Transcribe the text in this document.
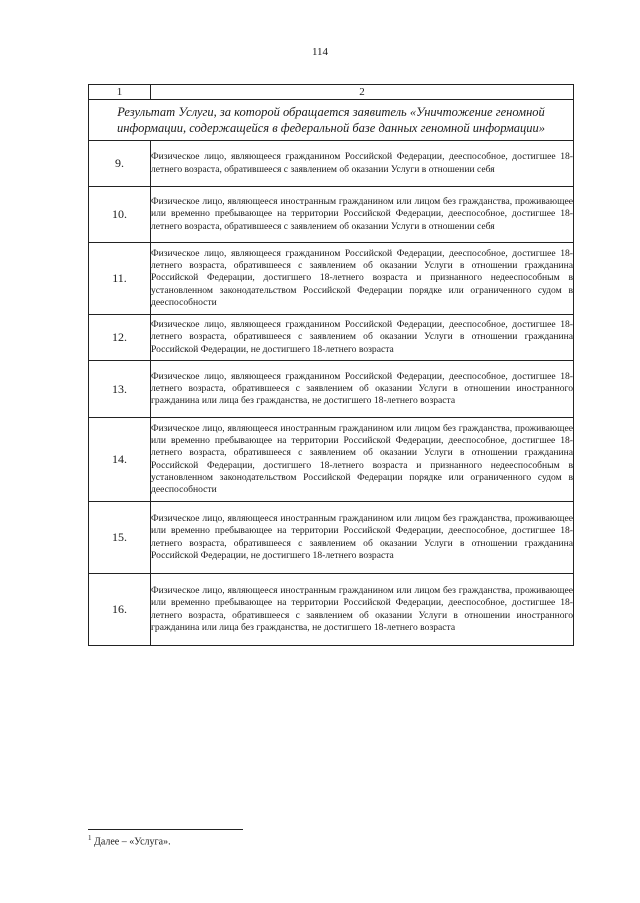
114
1	2
Результат Услуги, за которой обращается заявитель «Уничтожение геномной информации, содержащейся в федеральной базе данных геномной информации»	
9.	Физическое лицо, являющееся гражданином Российской Федерации, дееспособное, достигшее 18-летнего возраста, обратившееся с заявлением об оказании Услуги в отношении себя
10.	Физическое лицо, являющееся иностранным гражданином или лицом без гражданства, проживающее или временно пребывающее на территории Российской Федерации, дееспособное, достигшее 18-летнего возраста, обратившееся с заявлением об оказании Услуги в отношении себя
11.	Физическое лицо, являющееся гражданином Российской Федерации, дееспособное, достигшее 18-летнего возраста, обратившееся с заявлением об оказании Услуги в отношении гражданина Российской Федерации, достигшего 18-летнего возраста и признанного недееспособным в установленном законодательством Российской Федерации порядке или ограниченного судом в дееспособности
12.	Физическое лицо, являющееся гражданином Российской Федерации, дееспособное, достигшее 18-летнего возраста, обратившееся с заявлением об оказании Услуги в отношении гражданина Российской Федерации, не достигшего 18-летнего возраста
13.	Физическое лицо, являющееся гражданином Российской Федерации, дееспособное, достигшее 18-летнего возраста, обратившееся с заявлением об оказании Услуги в отношении иностранного гражданина или лица без гражданства, не достигшего 18-летнего возраста
14.	Физическое лицо, являющееся иностранным гражданином или лицом без гражданства, проживающее или временно пребывающее на территории Российской Федерации, дееспособное, достигшее 18-летнего возраста, обратившееся с заявлением об оказании Услуги в отношении гражданина Российской Федерации, достигшего 18-летнего возраста и признанного недееспособным в установленном законодательством Российской Федерации порядке или ограниченного судом в дееспособности
15.	Физическое лицо, являющееся иностранным гражданином или лицом без гражданства, проживающее или временно пребывающее на территории Российской Федерации, дееспособное, достигшее 18-летнего возраста, обратившееся с заявлением об оказании Услуги в отношении гражданина Российской Федерации, не достигшего 18-летнего возраста
16.	Физическое лицо, являющееся иностранным гражданином или лицом без гражданства, проживающее или временно пребывающее на территории Российской Федерации, дееспособное, достигшее 18-летнего возраста, обратившееся с заявлением об оказании Услуги в отношении иностранного гражданина или лица без гражданства, не достигшего 18-летнего возраста
$^1$ Далее – «Услуга».
